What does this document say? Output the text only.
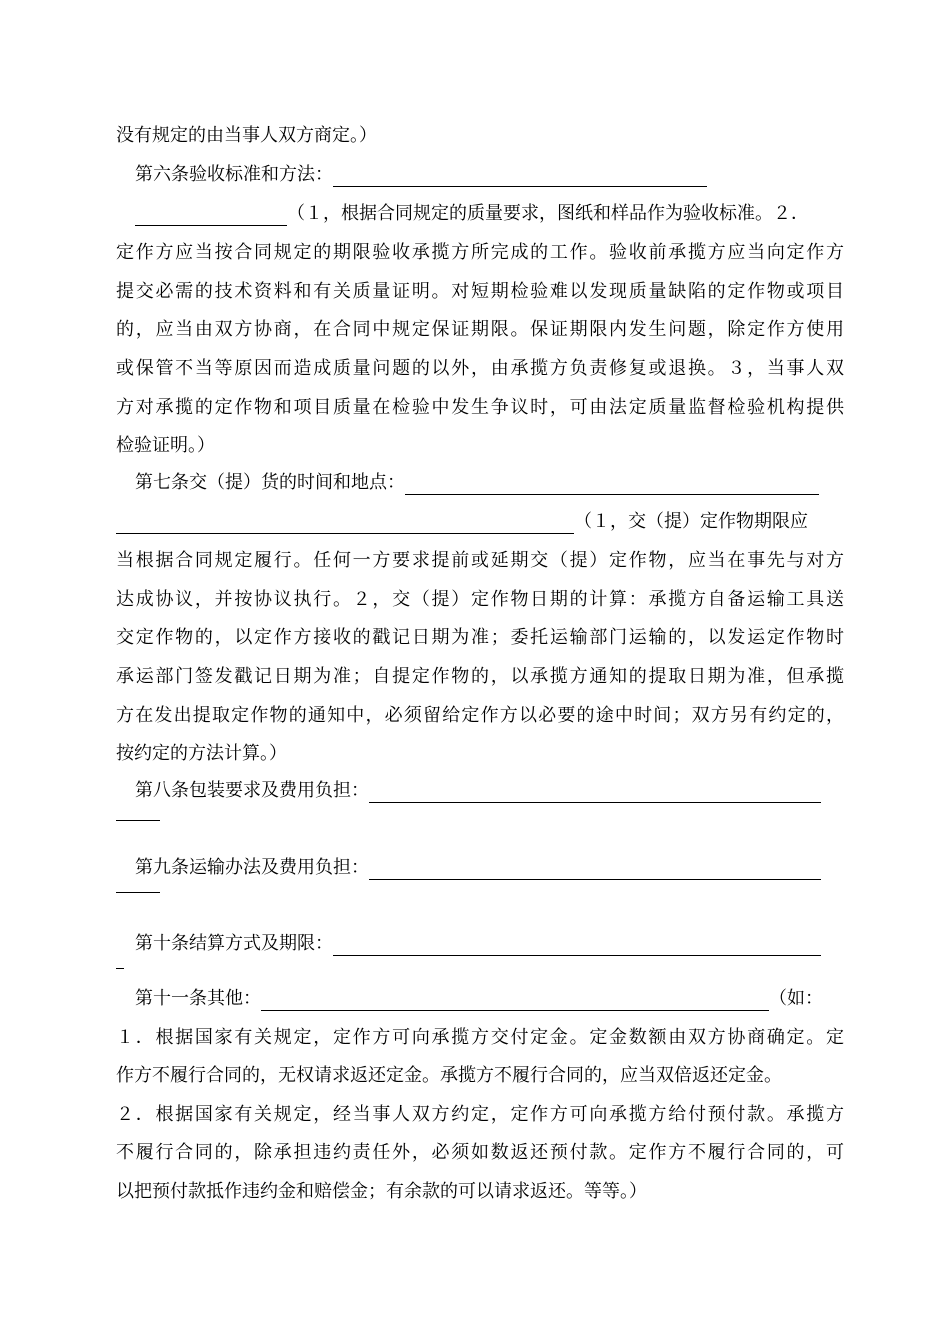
没有规定的由当事人双方商定。）
第六条验收标准和方法：
（１，根据合同规定的质量要求，图纸和样品作为验收标准。２．
定作方应当按合同规定的期限验收承揽方所完成的工作。验收前承揽方应当向定作方
提交必需的技术资料和有关质量证明。对短期检验难以发现质量缺陷的定作物或项目
的，应当由双方协商，在合同中规定保证期限。保证期限内发生问题，除定作方使用
或保管不当等原因而造成质量问题的以外，由承揽方负责修复或退换。３，当事人双
方对承揽的定作物和项目质量在检验中发生争议时，可由法定质量监督检验机构提供
检验证明。）
第七条交（提）货的时间和地点：
（１，交（提）定作物期限应
当根据合同规定履行。任何一方要求提前或延期交（提）定作物，应当在事先与对方
达成协议，并按协议执行。２，交（提）定作物日期的计算：承揽方自备运输工具送
交定作物的，以定作方接收的戳记日期为准；委托运输部门运输的，以发运定作物时
承运部门签发戳记日期为准；自提定作物的，以承揽方通知的提取日期为准，但承揽
方在发出提取定作物的通知中，必须留给定作方以必要的途中时间；双方另有约定的，
按约定的方法计算。）
第八条包装要求及费用负担：
第九条运输办法及费用负担：
第十条结算方式及期限：
第十一条其他：	（如：
１．根据国家有关规定，定作方可向承揽方交付定金。定金数额由双方协商确定。定
作方不履行合同的，无权请求返还定金。承揽方不履行合同的，应当双倍返还定金。
２．根据国家有关规定，经当事人双方约定，定作方可向承揽方给付预付款。承揽方
不履行合同的，除承担违约责任外，必须如数返还预付款。定作方不履行合同的，可
以把预付款抵作违约金和赔偿金；有余款的可以请求返还。等等。）
